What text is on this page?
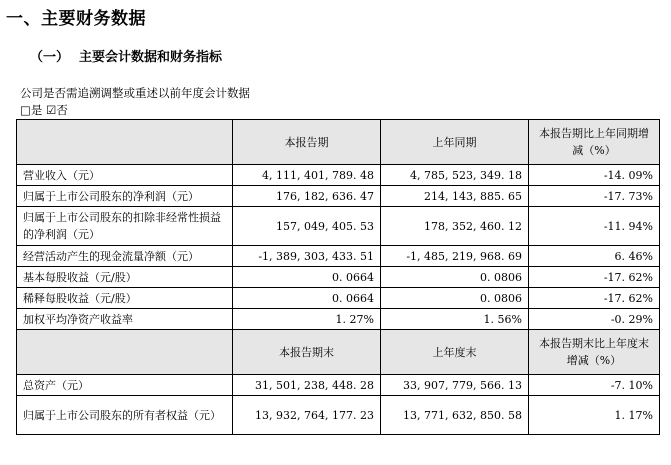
一、主要财务数据
（一） 主要会计数据和财务指标
公司是否需追溯调整或重述以前年度会计数据
□是 ☑否
	本报告期	上年同期	本报告期比上年同期增减（%）
营业收入（元）	4, 111, 401, 789. 48	4, 785, 523, 349. 18	-14. 09%
归属于上市公司股东的净利润（元）	176, 182, 636. 47	214, 143, 885. 65	-17. 73%
归属于上市公司股东的扣除非经常性损益的净利润（元）	157, 049, 405. 53	178, 352, 460. 12	-11. 94%
经营活动产生的现金流量净额（元）	-1, 389, 303, 433. 51	-1, 485, 219, 968. 69	6. 46%
基本每股收益（元/股）	0. 0664	0. 0806	-17. 62%
稀释每股收益（元/股）	0. 0664	0. 0806	-17. 62%
加权平均净资产收益率	1. 27%	1. 56%	-0. 29%
	本报告期末	上年度末	本报告期末比上年度末增减（%）
总资产（元）	31, 501, 238, 448. 28	33, 907, 779, 566. 13	-7. 10%
归属于上市公司股东的所有者权益（元）	13, 932, 764, 177. 23	13, 771, 632, 850. 58	1. 17%
